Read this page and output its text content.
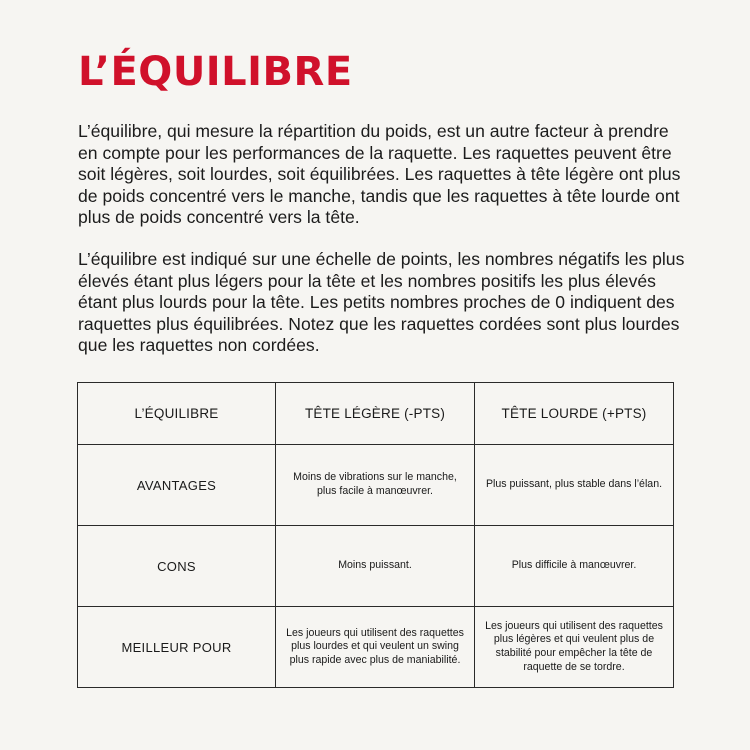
L’ÉQUILIBRE

L’équilibre, qui mesure la répartition du poids, est un autre facteur à prendre en compte pour les performances de la raquette. Les raquettes peuvent être soit légères, soit lourdes, soit équilibrées. Les raquettes à tête légère ont plus de poids concentré vers le manche, tandis que les raquettes à tête lourde ont plus de poids concentré vers la tête.

L’équilibre est indiqué sur une échelle de points, les nombres négatifs les plus élevés étant plus légers pour la tête et les nombres positifs les plus élevés étant plus lourds pour la tête. Les petits nombres proches de 0 indiquent des raquettes plus équilibrées. Notez que les raquettes cordées sont plus lourdes que les raquettes non cordées.

L’ÉQUILIBRE	TÊTE LÉGÈRE (-PTS)	TÊTE LOURDE (+PTS)
AVANTAGES	Moins de vibrations sur le manche, plus facile à manœuvrer.	Plus puissant, plus stable dans l’élan.
CONS	Moins puissant.	Plus difficile à manœuvrer.
MEILLEUR POUR	Les joueurs qui utilisent des raquettes plus lourdes et qui veulent un swing plus rapide avec plus de maniabilité.	Les joueurs qui utilisent des raquettes plus légères et qui veulent plus de stabilité pour empêcher la tête de raquette de se tordre.
